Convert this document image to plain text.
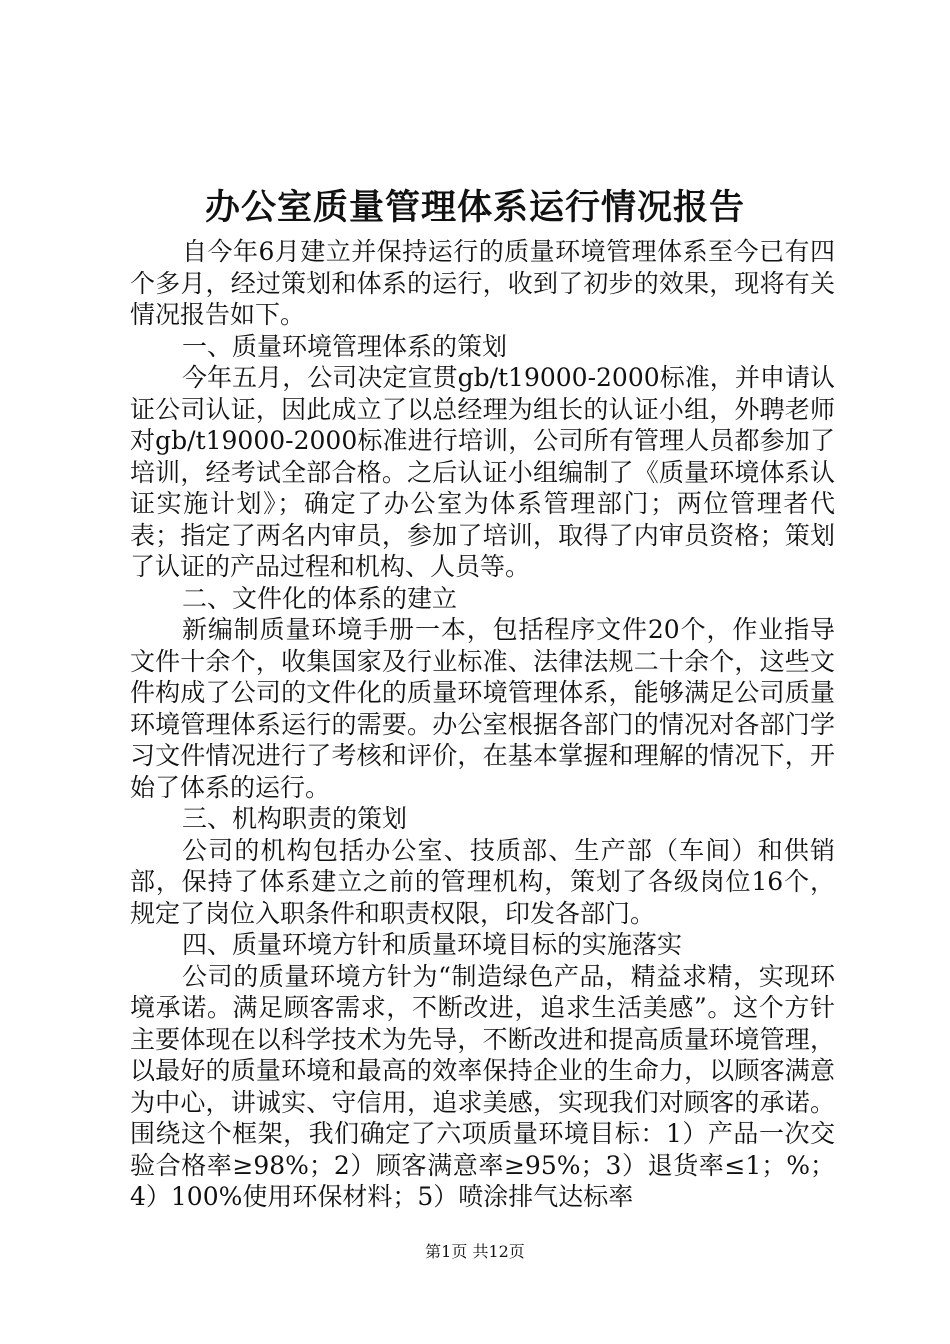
办公室质量管理体系运行情况报告

自今年6月建立并保持运行的质量环境管理体系至今已有四个多月，经过策划和体系的运行，收到了初步的效果，现将有关情况报告如下。

一、质量环境管理体系的策划

今年五月，公司决定宣贯gb/t19000-2000标准，并申请认证公司认证，因此成立了以总经理为组长的认证小组，外聘老师对gb/t19000-2000标准进行培训，公司所有管理人员都参加了培训，经考试全部合格。之后认证小组编制了《质量环境体系认证实施计划》；确定了办公室为体系管理部门；两位管理者代表；指定了两名内审员，参加了培训，取得了内审员资格；策划了认证的产品过程和机构、人员等。

二、文件化的体系的建立

新编制质量环境手册一本，包括程序文件20个，作业指导文件十余个，收集国家及行业标准、法律法规二十余个，这些文件构成了公司的文件化的质量环境管理体系，能够满足公司质量环境管理体系运行的需要。办公室根据各部门的情况对各部门学习文件情况进行了考核和评价，在基本掌握和理解的情况下，开始了体系的运行。

三、机构职责的策划

公司的机构包括办公室、技质部、生产部（车间）和供销部，保持了体系建立之前的管理机构，策划了各级岗位16个，规定了岗位入职条件和职责权限，印发各部门。

四、质量环境方针和质量环境目标的实施落实

公司的质量环境方针为“制造绿色产品，精益求精，实现环境承诺。满足顾客需求，不断改进，追求生活美感”。这个方针主要体现在以科学技术为先导，不断改进和提高质量环境管理，以最好的质量环境和最高的效率保持企业的生命力，以顾客满意为中心，讲诚实、守信用，追求美感，实现我们对顾客的承诺。围绕这个框架，我们确定了六项质量环境目标：1）产品一次交验合格率≥98%；2）顾客满意率≥95%；3）退货率≤1；%；4）100%使用环保材料；5）喷涂排气达标率

第1页 共12页
